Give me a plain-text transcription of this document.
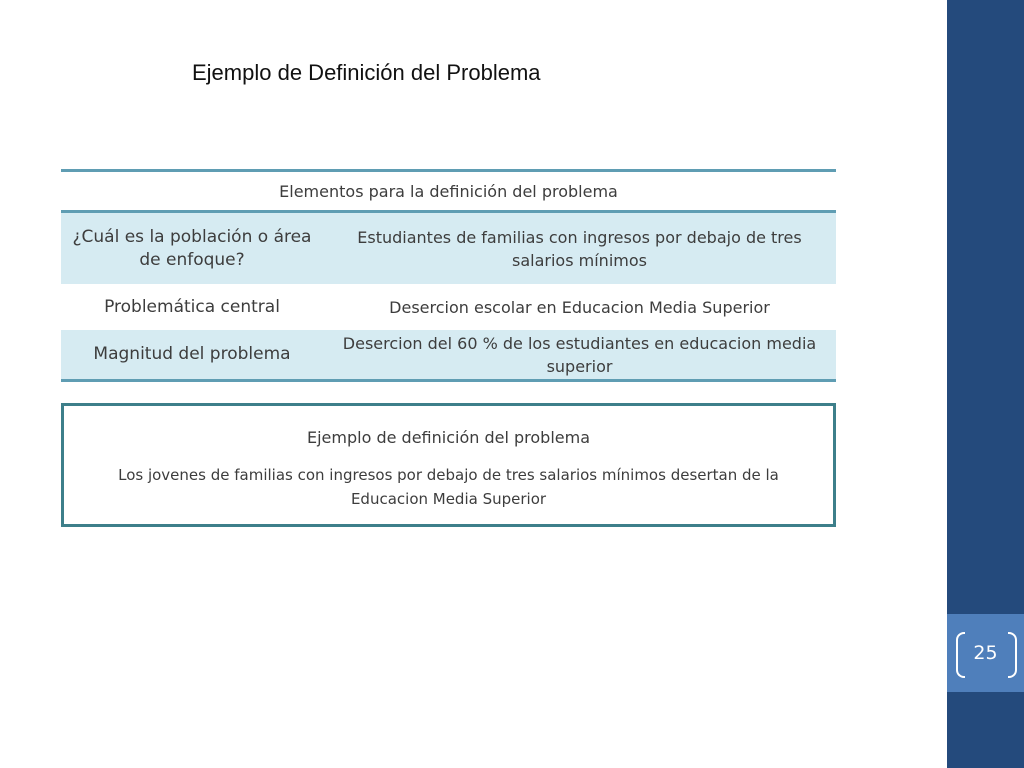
Ejemplo de Definición del Problema
Elementos para la definición del problema
¿Cuál es la población o área de enfoque?
Estudiantes de familias con ingresos por debajo de tres salarios mínimos
Problemática central	Desercion escolar en Educacion Media Superior
Magnitud del problema
Desercion del 60 % de los estudiantes en educacion media superior
Ejemplo de definición del problema
Los jovenes de familias con ingresos por debajo de tres salarios mínimos desertan de la Educacion Media Superior
25
